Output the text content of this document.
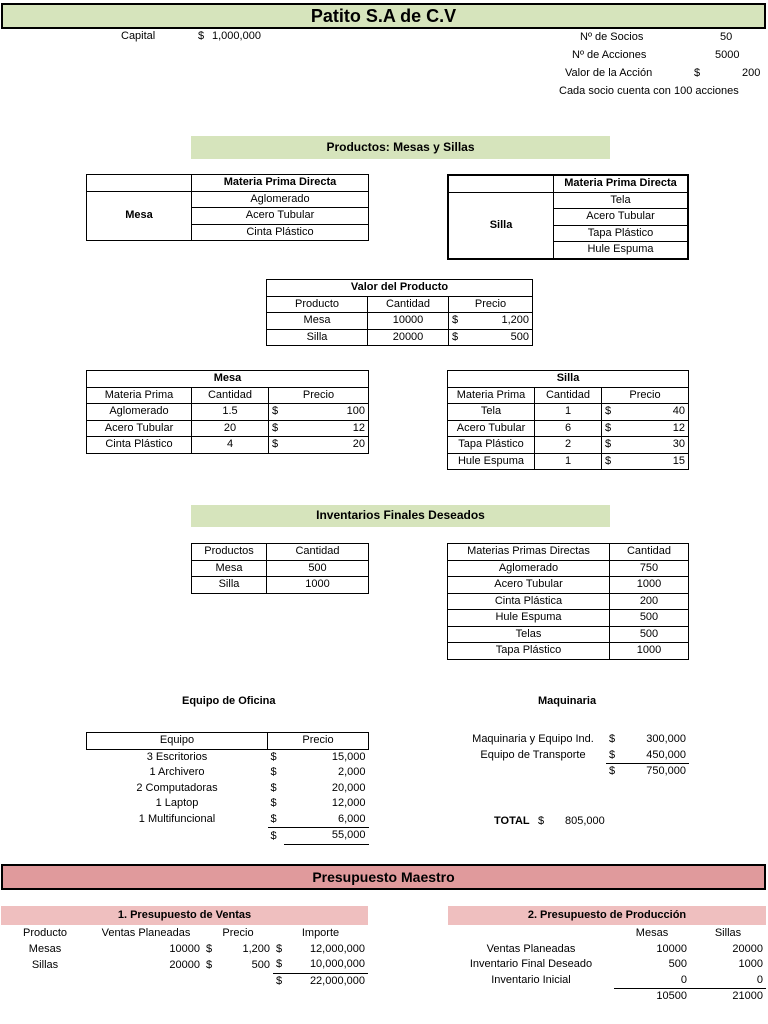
Patito S.A de C.V
Capital	$ 1,000,000	Nº de Socios	50
Nº de Acciones	5000
Valor de la Acción	$	200
Cada socio cuenta con 100 acciones
Productos: Mesas y Sillas
	Materia Prima Directa
Mesa	Aglomerado
	Acero Tubular
	Cinta Plástico
	Materia Prima Directa
Silla	Tela
	Acero Tubular
	Tapa Plástico
	Hule Espuma
Valor del Producto			
Producto	Cantidad	Precio	
Mesa	10000	$	1,200
Silla	20000	$	500
Mesa			
Materia Prima	Cantidad	Precio	
Aglomerado	1.5	$	100
Acero Tubular	20	$	12
Cinta Plástico	4	$	20
Silla			
Materia Prima	Cantidad	Precio	
Tela	1	$	40
Acero Tubular	6	$	12
Tapa Plástico	2	$	30
Hule Espuma	1	$	15
Inventarios Finales Deseados
Productos	Cantidad
Mesa	500
Silla	1000
Materias Primas Directas	Cantidad
Aglomerado	750
Acero Tubular	1000
Cinta Plástica	200
Hule Espuma	500
Telas	500
Tapa Plástico	1000
Equipo de Oficina
Equipo	Precio	
3 Escritorios	$	15,000
1 Archivero	$	2,000
2 Computadoras	$	20,000
1 Laptop	$	12,000
1 Multifuncional	$	6,000
	$	55,000
Maquinaria
Maquinaria y Equipo Ind.	$	300,000
Equipo de Transporte	$	450,000
	$	750,000
TOTAL $ 805,000
Presupuesto Maestro
1. Presupuesto de Ventas
Producto	Ventas Planeadas	Precio		Importe	
Mesas	10000	$	1,200	$	12,000,000
Sillas	20000	$	500	$	10,000,000
				$	22,000,000
2. Presupuesto de Producción
	Mesas	Sillas
Ventas Planeadas	10000	20000
Inventario Final Deseado	500	1000
Inventario Inicial	0	0
	10500	21000
